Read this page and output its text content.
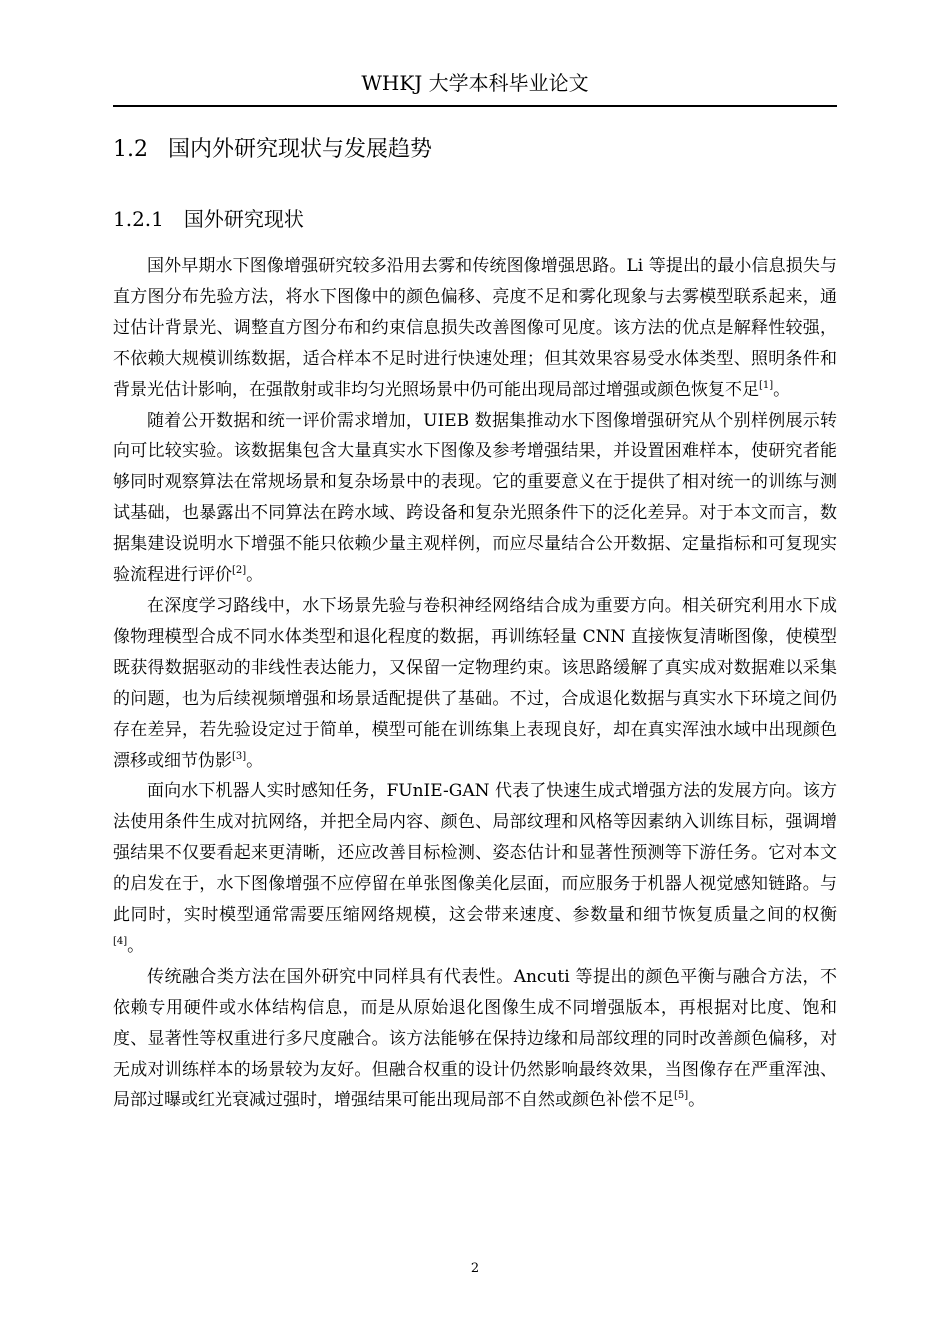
WHKJ 大学本科毕业论文
1.2 国内外研究现状与发展趋势
1.2.1 国外研究现状

国外早期水下图像增强研究较多沿用去雾和传统图像增强思路。Li 等提出的最小信息损失与直方图分布先验方法，将水下图像中的颜色偏移、亮度不足和雾化现象与去雾模型联系起来，通过估计背景光、调整直方图分布和约束信息损失改善图像可见度。该方法的优点是解释性较强，不依赖大规模训练数据，适合样本不足时进行快速处理；但其效果容易受水体类型、照明条件和背景光估计影响，在强散射或非均匀光照场景中仍可能出现局部过增强或颜色恢复不足[1]。

随着公开数据和统一评价需求增加，UIEB 数据集推动水下图像增强研究从个别样例展示转向可比较实验。该数据集包含大量真实水下图像及参考增强结果，并设置困难样本，使研究者能够同时观察算法在常规场景和复杂场景中的表现。它的重要意义在于提供了相对统一的训练与测试基础，也暴露出不同算法在跨水域、跨设备和复杂光照条件下的泛化差异。对于本文而言，数据集建设说明水下增强不能只依赖少量主观样例，而应尽量结合公开数据、定量指标和可复现实验流程进行评价[2]。

在深度学习路线中，水下场景先验与卷积神经网络结合成为重要方向。相关研究利用水下成像物理模型合成不同水体类型和退化程度的数据，再训练轻量 CNN 直接恢复清晰图像，使模型既获得数据驱动的非线性表达能力，又保留一定物理约束。该思路缓解了真实成对数据难以采集的问题，也为后续视频增强和场景适配提供了基础。不过，合成退化数据与真实水下环境之间仍存在差异，若先验设定过于简单，模型可能在训练集上表现良好，却在真实浑浊水域中出现颜色漂移或细节伪影[3]。

面向水下机器人实时感知任务，FUnIE-GAN 代表了快速生成式增强方法的发展方向。该方法使用条件生成对抗网络，并把全局内容、颜色、局部纹理和风格等因素纳入训练目标，强调增强结果不仅要看起来更清晰，还应改善目标检测、姿态估计和显著性预测等下游任务。它对本文的启发在于，水下图像增强不应停留在单张图像美化层面，而应服务于机器人视觉感知链路。与此同时，实时模型通常需要压缩网络规模，这会带来速度、参数量和细节恢复质量之间的权衡[4]。

传统融合类方法在国外研究中同样具有代表性。Ancuti 等提出的颜色平衡与融合方法，不依赖专用硬件或水体结构信息，而是从原始退化图像生成不同增强版本，再根据对比度、饱和度、显著性等权重进行多尺度融合。该方法能够在保持边缘和局部纹理的同时改善颜色偏移，对无成对训练样本的场景较为友好。但融合权重的设计仍然影响最终效果，当图像存在严重浑浊、局部过曝或红光衰减过强时，增强结果可能出现局部不自然或颜色补偿不足[5]。

2
